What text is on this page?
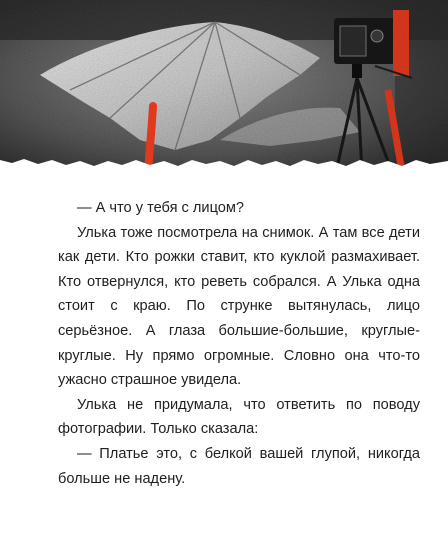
— А что у тебя с лицом?

Улька тоже посмотрела на снимок. А там все дети как дети. Кто рожки ставит, кто куклой размахивает. Кто отвернулся, кто реветь собрался. А Улька одна стоит с краю. По струнке вытянулась, лицо серьёзное. А глаза большие-большие, круглые-круглые. Ну прямо огромные. Словно она что-то ужасно страшное увидела.

Улька не придумала, что ответить по поводу фотографии. Только сказала:

— Платье это, с белкой вашей глупой, никогда больше не надену.
